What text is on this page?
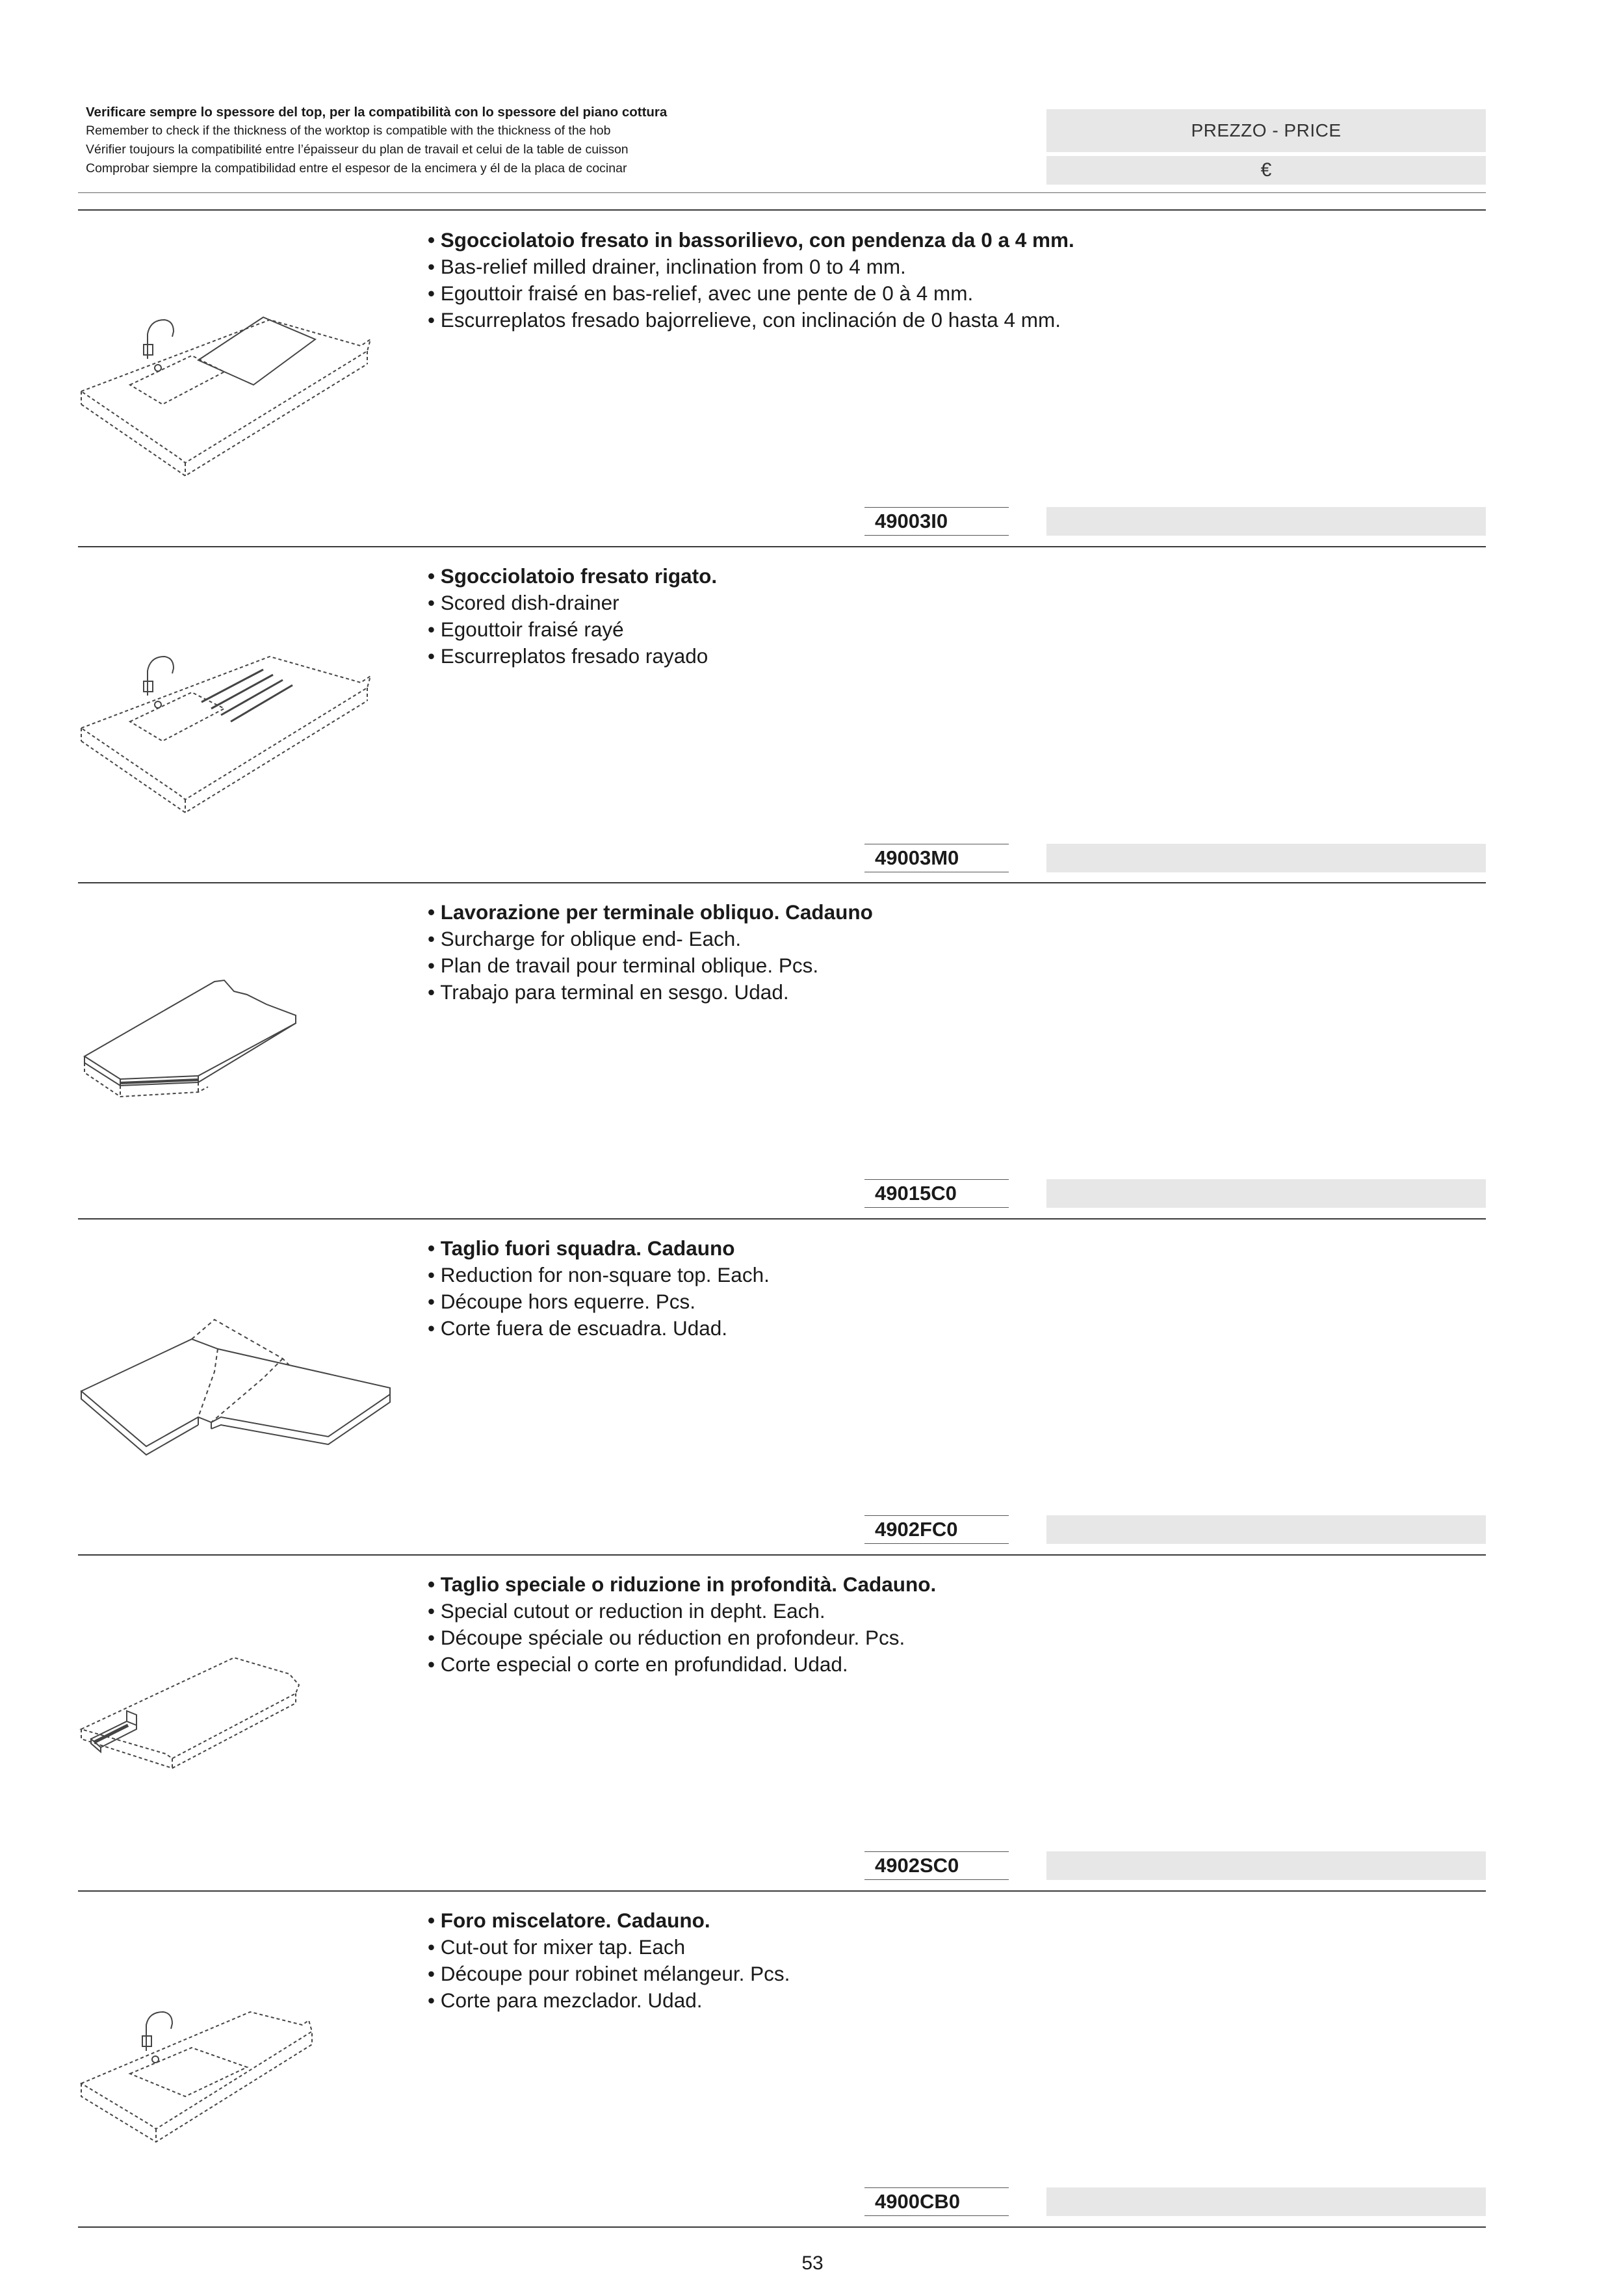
Verificare sempre lo spessore del top, per la compatibilità con lo spessore del piano cottura
Remember to check if the thickness of the worktop is compatible with the thickness of the hob
Vérifier toujours la compatibilité entre l’épaisseur du plan de travail et celui de la table de cuisson
Comprobar siempre la compatibilidad entre el espesor de la encimera y él de la placa de cocinar
PREZZO - PRICE
€
• Sgocciolatoio fresato in bassorilievo, con pendenza da 0 a 4 mm.
• Bas-relief milled drainer, inclination from 0 to 4 mm.
• Egouttoir fraisé en bas-relief, avec une pente de 0 à 4 mm.
• Escurreplatos fresado bajorrelieve, con inclinación de 0 hasta 4 mm.
49003I0
• Sgocciolatoio fresato rigato.
• Scored dish-drainer
• Egouttoir fraisé rayé
• Escurreplatos fresado rayado
49003M0
• Lavorazione per terminale obliquo. Cadauno
• Surcharge for oblique end- Each.
• Plan de travail pour terminal oblique. Pcs.
• Trabajo para terminal en sesgo. Udad.
49015C0
• Taglio fuori squadra. Cadauno
• Reduction for non-square top. Each.
• Découpe hors equerre. Pcs.
• Corte fuera de escuadra. Udad.
4902FC0
• Taglio speciale o riduzione in profondità. Cadauno.
• Special cutout or reduction in depht. Each.
• Découpe spéciale ou réduction en profondeur. Pcs.
• Corte especial o corte en profundidad. Udad.
4902SC0
• Foro miscelatore. Cadauno.
• Cut-out for mixer tap. Each
• Découpe pour robinet mélangeur. Pcs.
• Corte para mezclador. Udad.
4900CB0
53
